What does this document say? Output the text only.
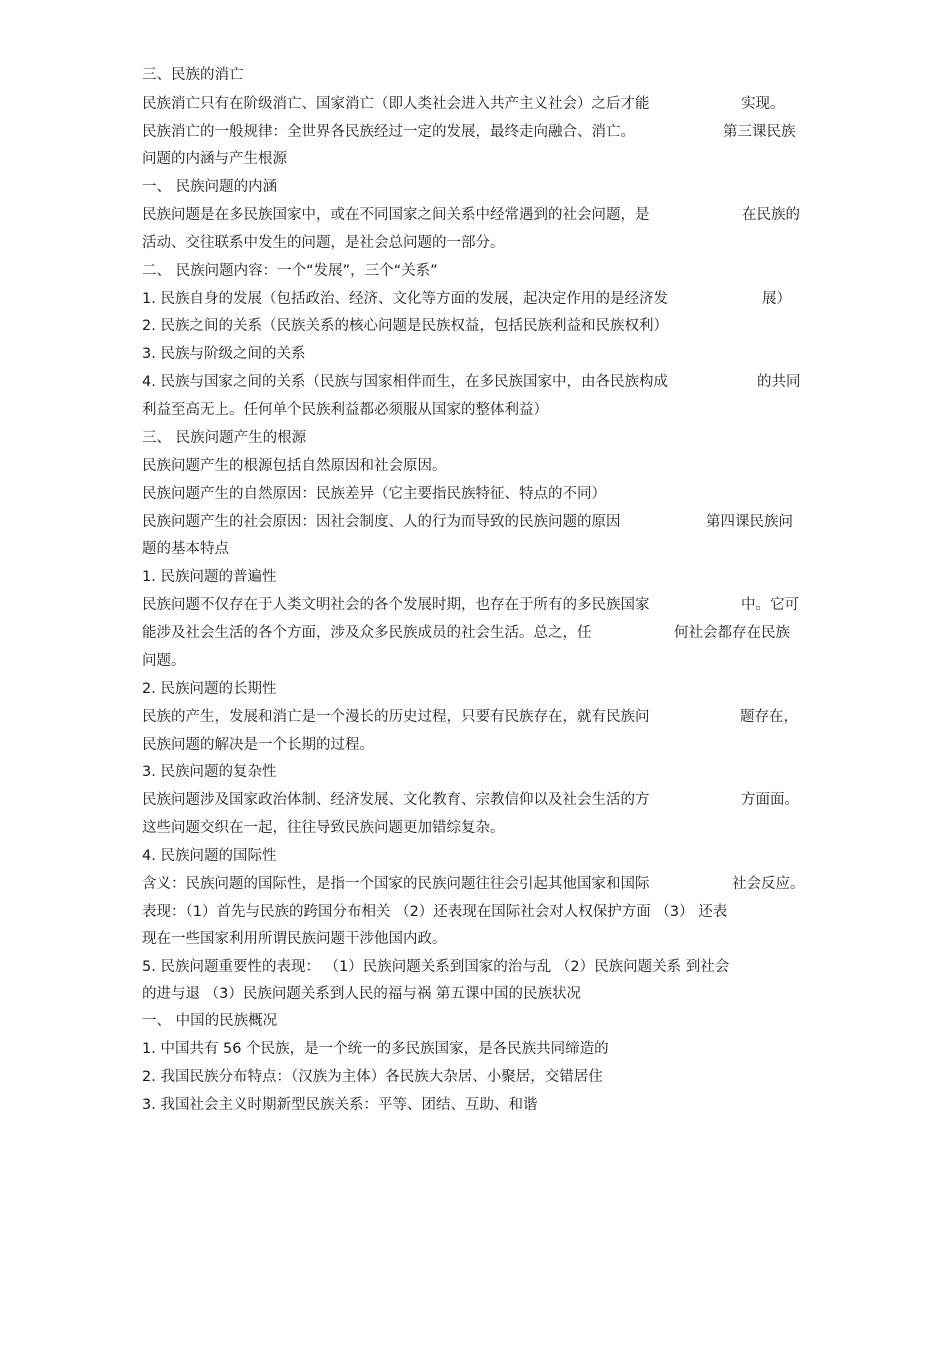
三、民族的消亡
民族消亡只有在阶级消亡、国家消亡（即人类社会进入共产主义社会）之后才能	实现。
民族消亡的一般规律：全世界各民族经过一定的发展，最终走向融合、消亡。	第三课民族
问题的内涵与产生根源
一、 民族问题的内涵
民族问题是在多民族国家中，或在不同国家之间关系中经常遇到的社会问题，是	在民族的
活动、交往联系中发生的问题，是社会总问题的一部分。
二、 民族问题内容：一个“发展”，三个“关系”
1. 民族自身的发展（包括政治、经济、文化等方面的发展，起决定作用的是经济发	展）
2. 民族之间的关系（民族关系的核心问题是民族权益，包括民族利益和民族权利）
3. 民族与阶级之间的关系
4. 民族与国家之间的关系（民族与国家相伴而生，在多民族国家中，由各民族构成	的共同
利益至高无上。任何单个民族利益都必须服从国家的整体利益）
三、 民族问题产生的根源
民族问题产生的根源包括自然原因和社会原因。
民族问题产生的自然原因：民族差异（它主要指民族特征、特点的不同）
民族问题产生的社会原因：因社会制度、人的行为而导致的民族问题的原因	第四课民族问
题的基本特点
1. 民族问题的普遍性
民族问题不仅存在于人类文明社会的各个发展时期，也存在于所有的多民族国家	中。它可
能涉及社会生活的各个方面，涉及众多民族成员的社会生活。总之，任	何社会都存在民族
问题。
2. 民族问题的长期性
民族的产生，发展和消亡是一个漫长的历史过程，只要有民族存在，就有民族问	题存在，
民族问题的解决是一个长期的过程。
3. 民族问题的复杂性
民族问题涉及国家政治体制、经济发展、文化教育、宗教信仰以及社会生活的方	方面面。
这些问题交织在一起，往往导致民族问题更加错综复杂。
4. 民族问题的国际性
含义：民族问题的国际性，是指一个国家的民族问题往往会引起其他国家和国际	社会反应。
表现：（1）首先与民族的跨国分布相关 （2）还表现在国际社会对人权保护方面 （3） 还表
现在一些国家利用所谓民族问题干涉他国内政。
5. 民族问题重要性的表现： （1）民族问题关系到国家的治与乱 （2）民族问题关系 到社会
的进与退 （3）民族问题关系到人民的福与祸 第五课中国的民族状况
一、 中国的民族概况
1. 中国共有 56 个民族，是一个统一的多民族国家，是各民族共同缔造的
2. 我国民族分布特点：（汉族为主体）各民族大杂居、小聚居，交错居住
3. 我国社会主义时期新型民族关系：平等、团结、互助、和谐
